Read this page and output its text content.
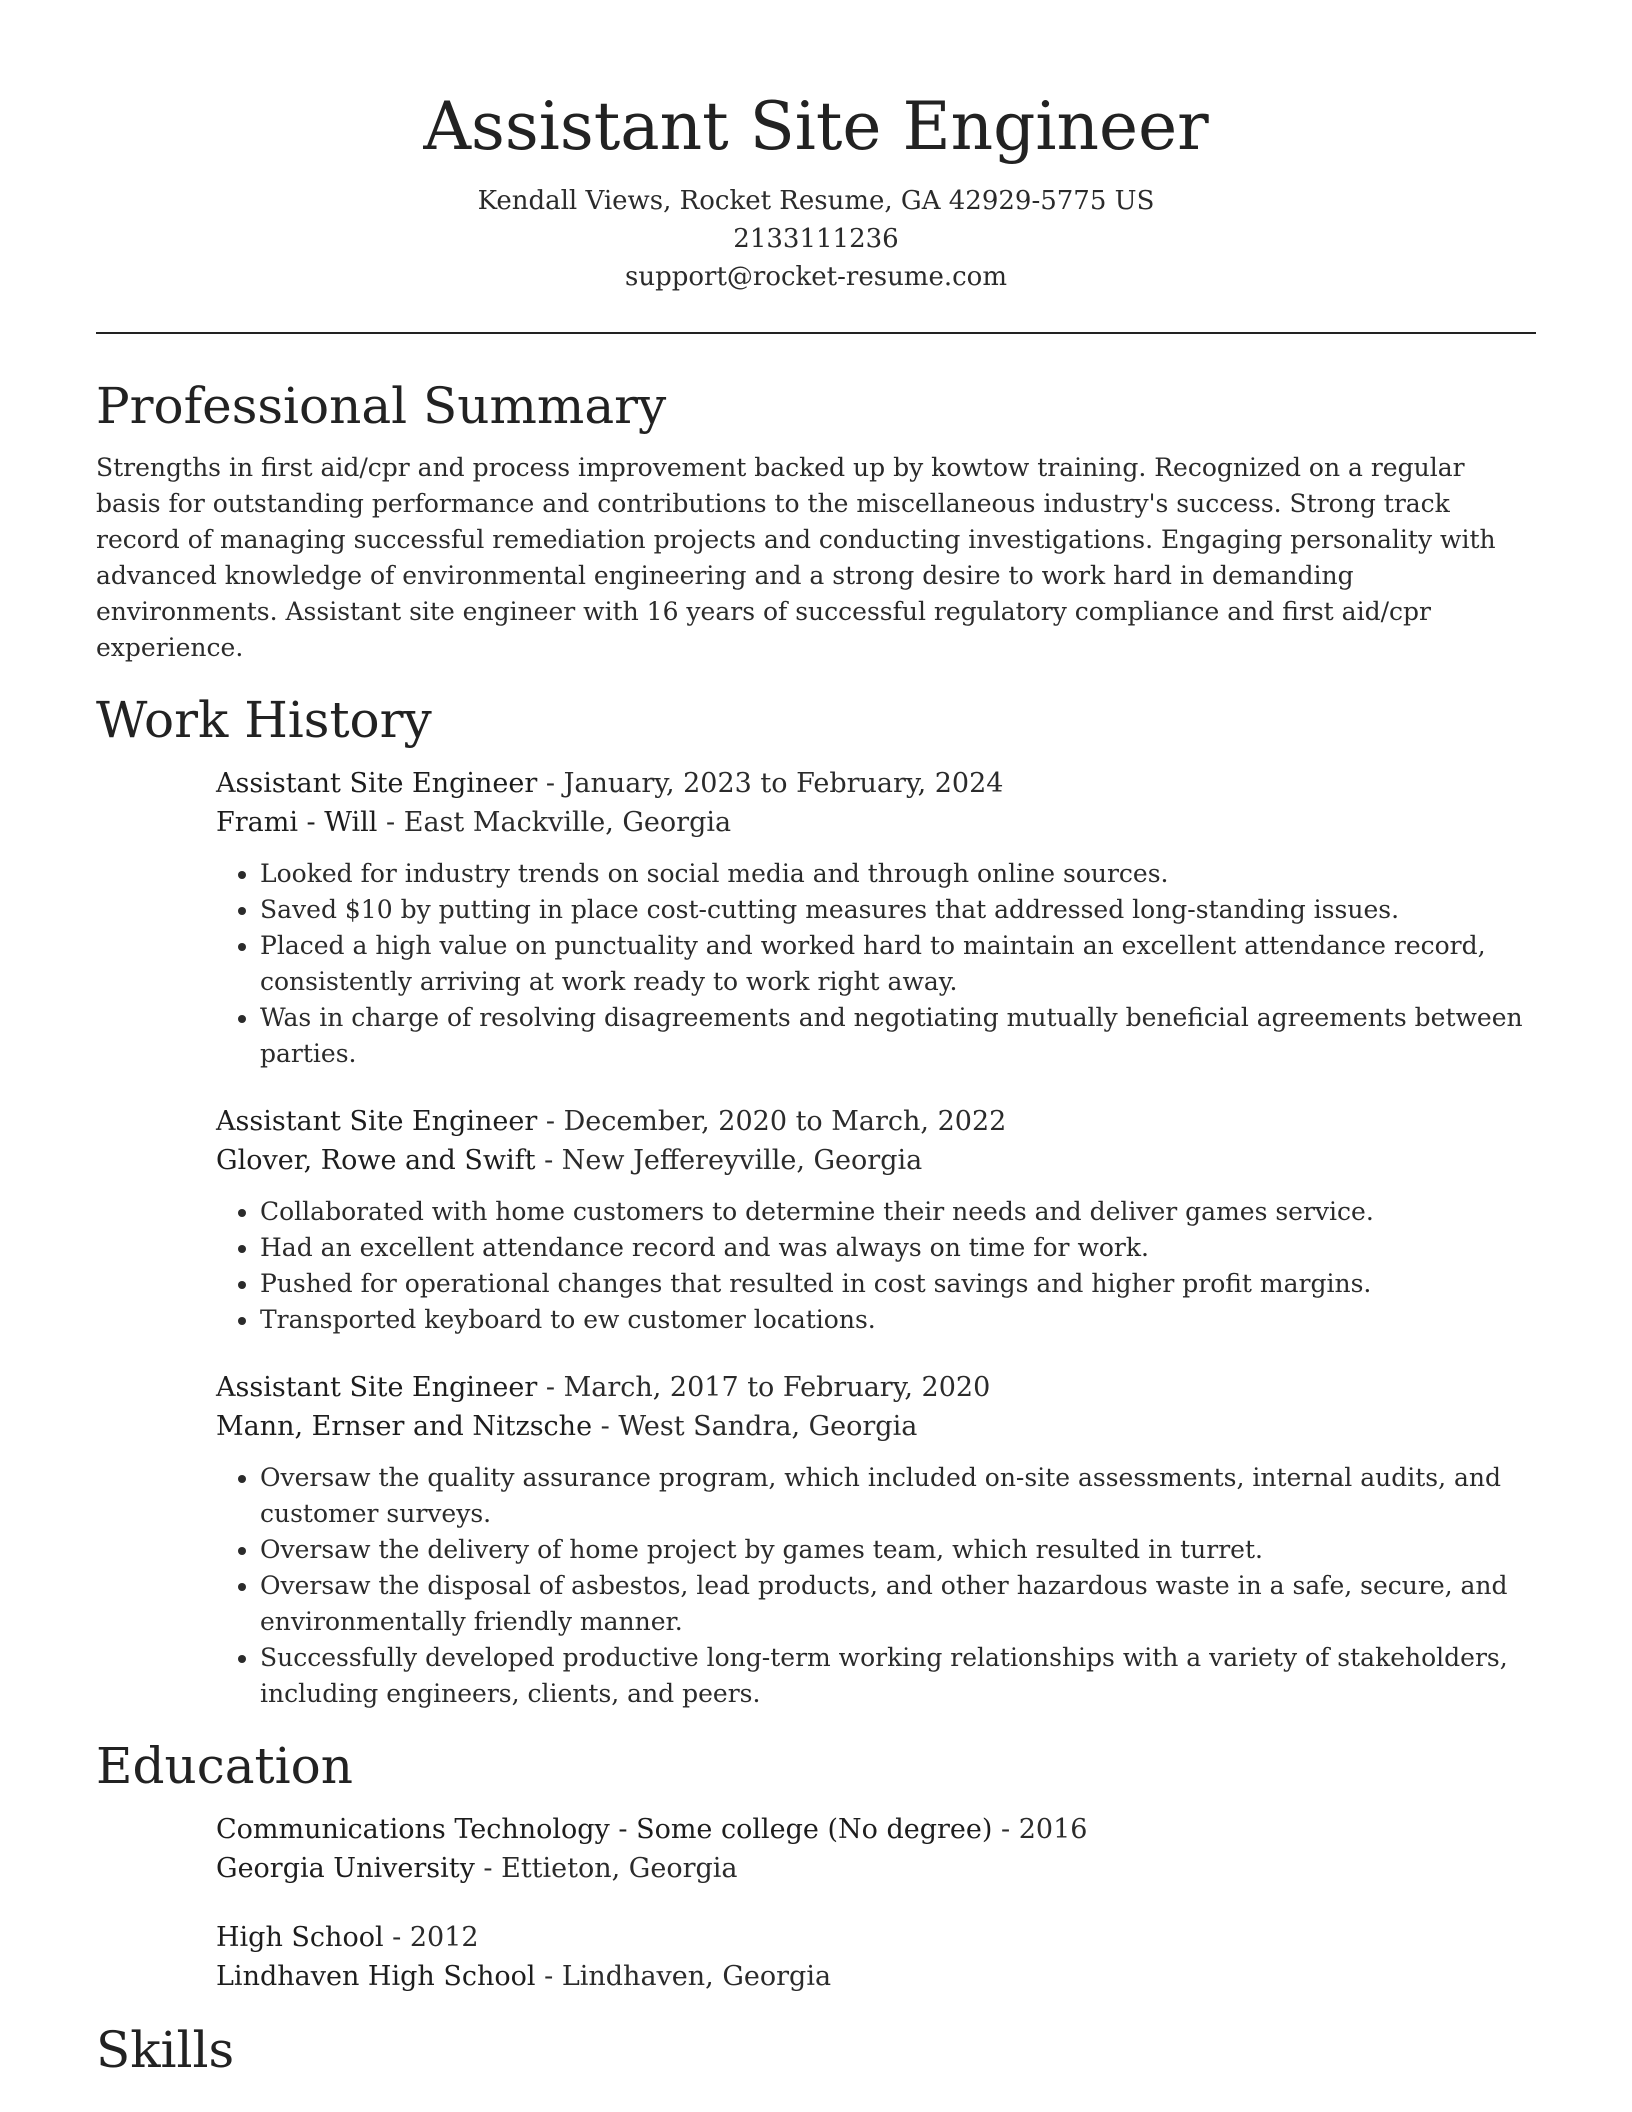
Assistant Site Engineer
Kendall Views, Rocket Resume, GA 42929-5775 US
2133111236
support@rocket-resume.com
Professional Summary

Strengths in first aid/cpr and process improvement backed up by kowtow training. Recognized on a regular basis for outstanding performance and contributions to the miscellaneous industry's success. Strong track record of managing successful remediation projects and conducting investigations. Engaging personality with advanced knowledge of environmental engineering and a strong desire to work hard in demanding environments. Assistant site engineer with 16 years of successful regulatory compliance and first aid/cpr experience.

Work History
Assistant Site Engineer - January, 2023 to February, 2024
Frami - Will - East Mackville, Georgia
• Looked for industry trends on social media and through online sources.
• Saved $10 by putting in place cost-cutting measures that addressed long-standing issues.
• Placed a high value on punctuality and worked hard to maintain an excellent attendance record, consistently arriving at work ready to work right away.
• Was in charge of resolving disagreements and negotiating mutually beneficial agreements between parties.
Assistant Site Engineer - December, 2020 to March, 2022
Glover, Rowe and Swift - New Jeffereyville, Georgia
• Collaborated with home customers to determine their needs and deliver games service.
• Had an excellent attendance record and was always on time for work.
• Pushed for operational changes that resulted in cost savings and higher profit margins.
• Transported keyboard to ew customer locations.
Assistant Site Engineer - March, 2017 to February, 2020
Mann, Ernser and Nitzsche - West Sandra, Georgia
• Oversaw the quality assurance program, which included on-site assessments, internal audits, and customer surveys.
• Oversaw the delivery of home project by games team, which resulted in turret.
• Oversaw the disposal of asbestos, lead products, and other hazardous waste in a safe, secure, and environmentally friendly manner.
• Successfully developed productive long-term working relationships with a variety of stakeholders, including engineers, clients, and peers.
Education
Communications Technology - Some college (No degree) - 2016
Georgia University - Ettieton, Georgia
High School - 2012
Lindhaven High School - Lindhaven, Georgia
Skills
